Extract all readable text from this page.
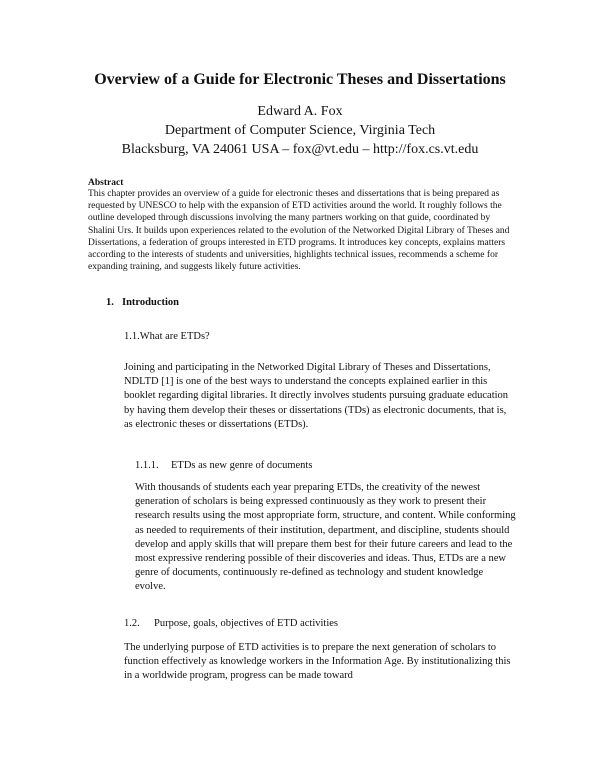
Overview of a Guide for Electronic Theses and Dissertations
Edward A. Fox
Department of Computer Science, Virginia Tech
Blacksburg, VA 24061 USA – fox@vt.edu – http://fox.cs.vt.edu
Abstract
This chapter provides an overview of a guide for electronic theses and dissertations that is being prepared as requested by UNESCO to help with the expansion of ETD activities around the world. It roughly follows the outline developed through discussions involving the many partners working on that guide, coordinated by Shalini Urs. It builds upon experiences related to the evolution of the Networked Digital Library of Theses and Dissertations, a federation of groups interested in ETD programs. It introduces key concepts, explains matters according to the interests of students and universities, highlights technical issues, recommends a scheme for expanding training, and suggests likely future activities.
1. Introduction
1.1.What are ETDs?
Joining and participating in the Networked Digital Library of Theses and Dissertations, NDLTD [1] is one of the best ways to understand the concepts explained earlier in this booklet regarding digital libraries. It directly involves students pursuing graduate education by having them develop their theses or dissertations (TDs) as electronic documents, that is, as electronic theses or dissertations (ETDs).
1.1.1. ETDs as new genre of documents
With thousands of students each year preparing ETDs, the creativity of the newest generation of scholars is being expressed continuously as they work to present their research results using the most appropriate form, structure, and content. While conforming as needed to requirements of their institution, department, and discipline, students should develop and apply skills that will prepare them best for their future careers and lead to the most expressive rendering possible of their discoveries and ideas. Thus, ETDs are a new genre of documents, continuously re-defined as technology and student knowledge evolve.
1.2. Purpose, goals, objectives of ETD activities
The underlying purpose of ETD activities is to prepare the next generation of scholars to function effectively as knowledge workers in the Information Age. By institutionalizing this in a worldwide program, progress can be made toward
